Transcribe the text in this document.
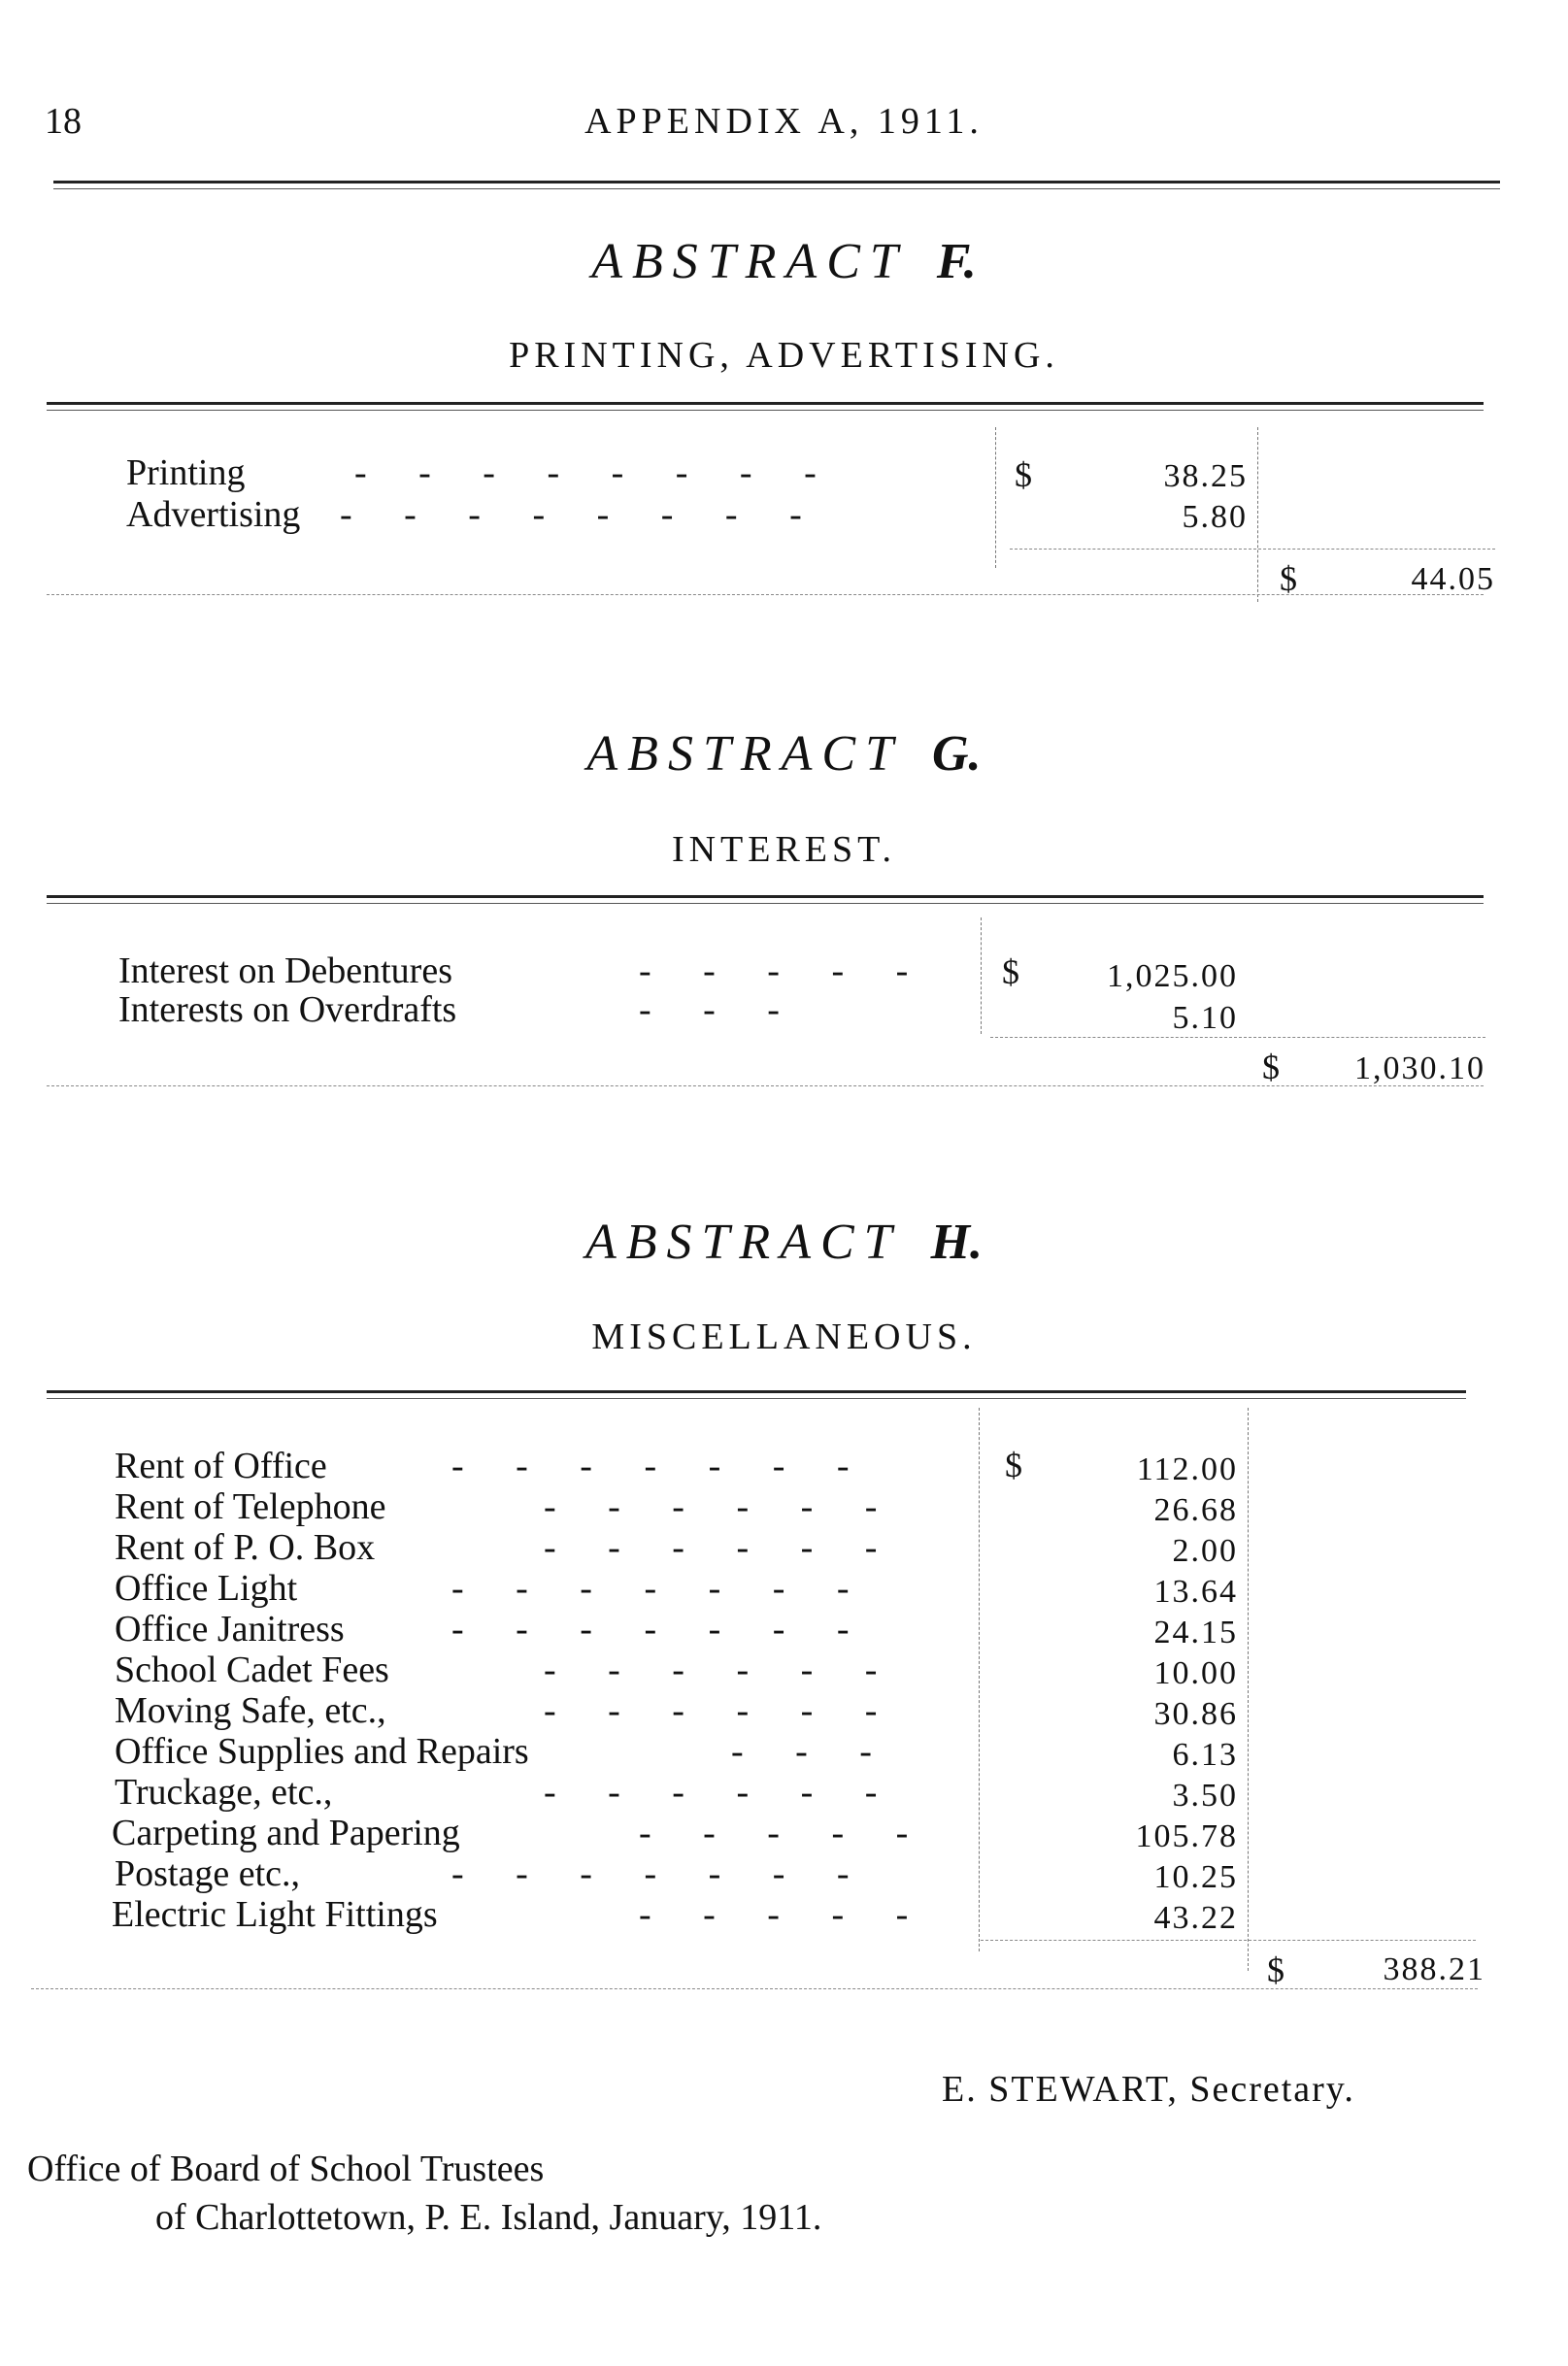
18	APPENDIX A, 1911.
ABSTRACT F.
PRINTING, ADVERTISING.
Printing	- - - - - - - -	$	38.25
Advertising - - - - - - - -	5.80
$	44.05
ABSTRACT G.
INTEREST.
Interest on Debentures	- - - - - $	1,025.00
Interests on Overdrafts	- - -	5.10
$	1,030.10
ABSTRACT H.
MISCELLANEOUS.
$
Rent of Office	- - - - - - -	112.00
Rent of Telephone	- - - - - -	26.68
Rent of P. O. Box	- - - - - -	2.00
Office Light	- - - - - - -	13.64
Office Janitress	- - - - - - -	24.15
School Cadet Fees	- - - - - -	10.00
Moving Safe, etc.,	- - - - - -	30.86
Office Supplies and Repairs	- - -	6.13
Truckage, etc.,	- - - - - -	3.50
Carpeting and Papering	- - - - -	105.78
Postage etc.,	- - - - - - -	10.25
Electric Light Fittings	- - - - -	43.22
$	388.21
E. STEWART, Secretary.
Office of Board of School Trustees
of Charlottetown, P. E. Island, January, 1911.
